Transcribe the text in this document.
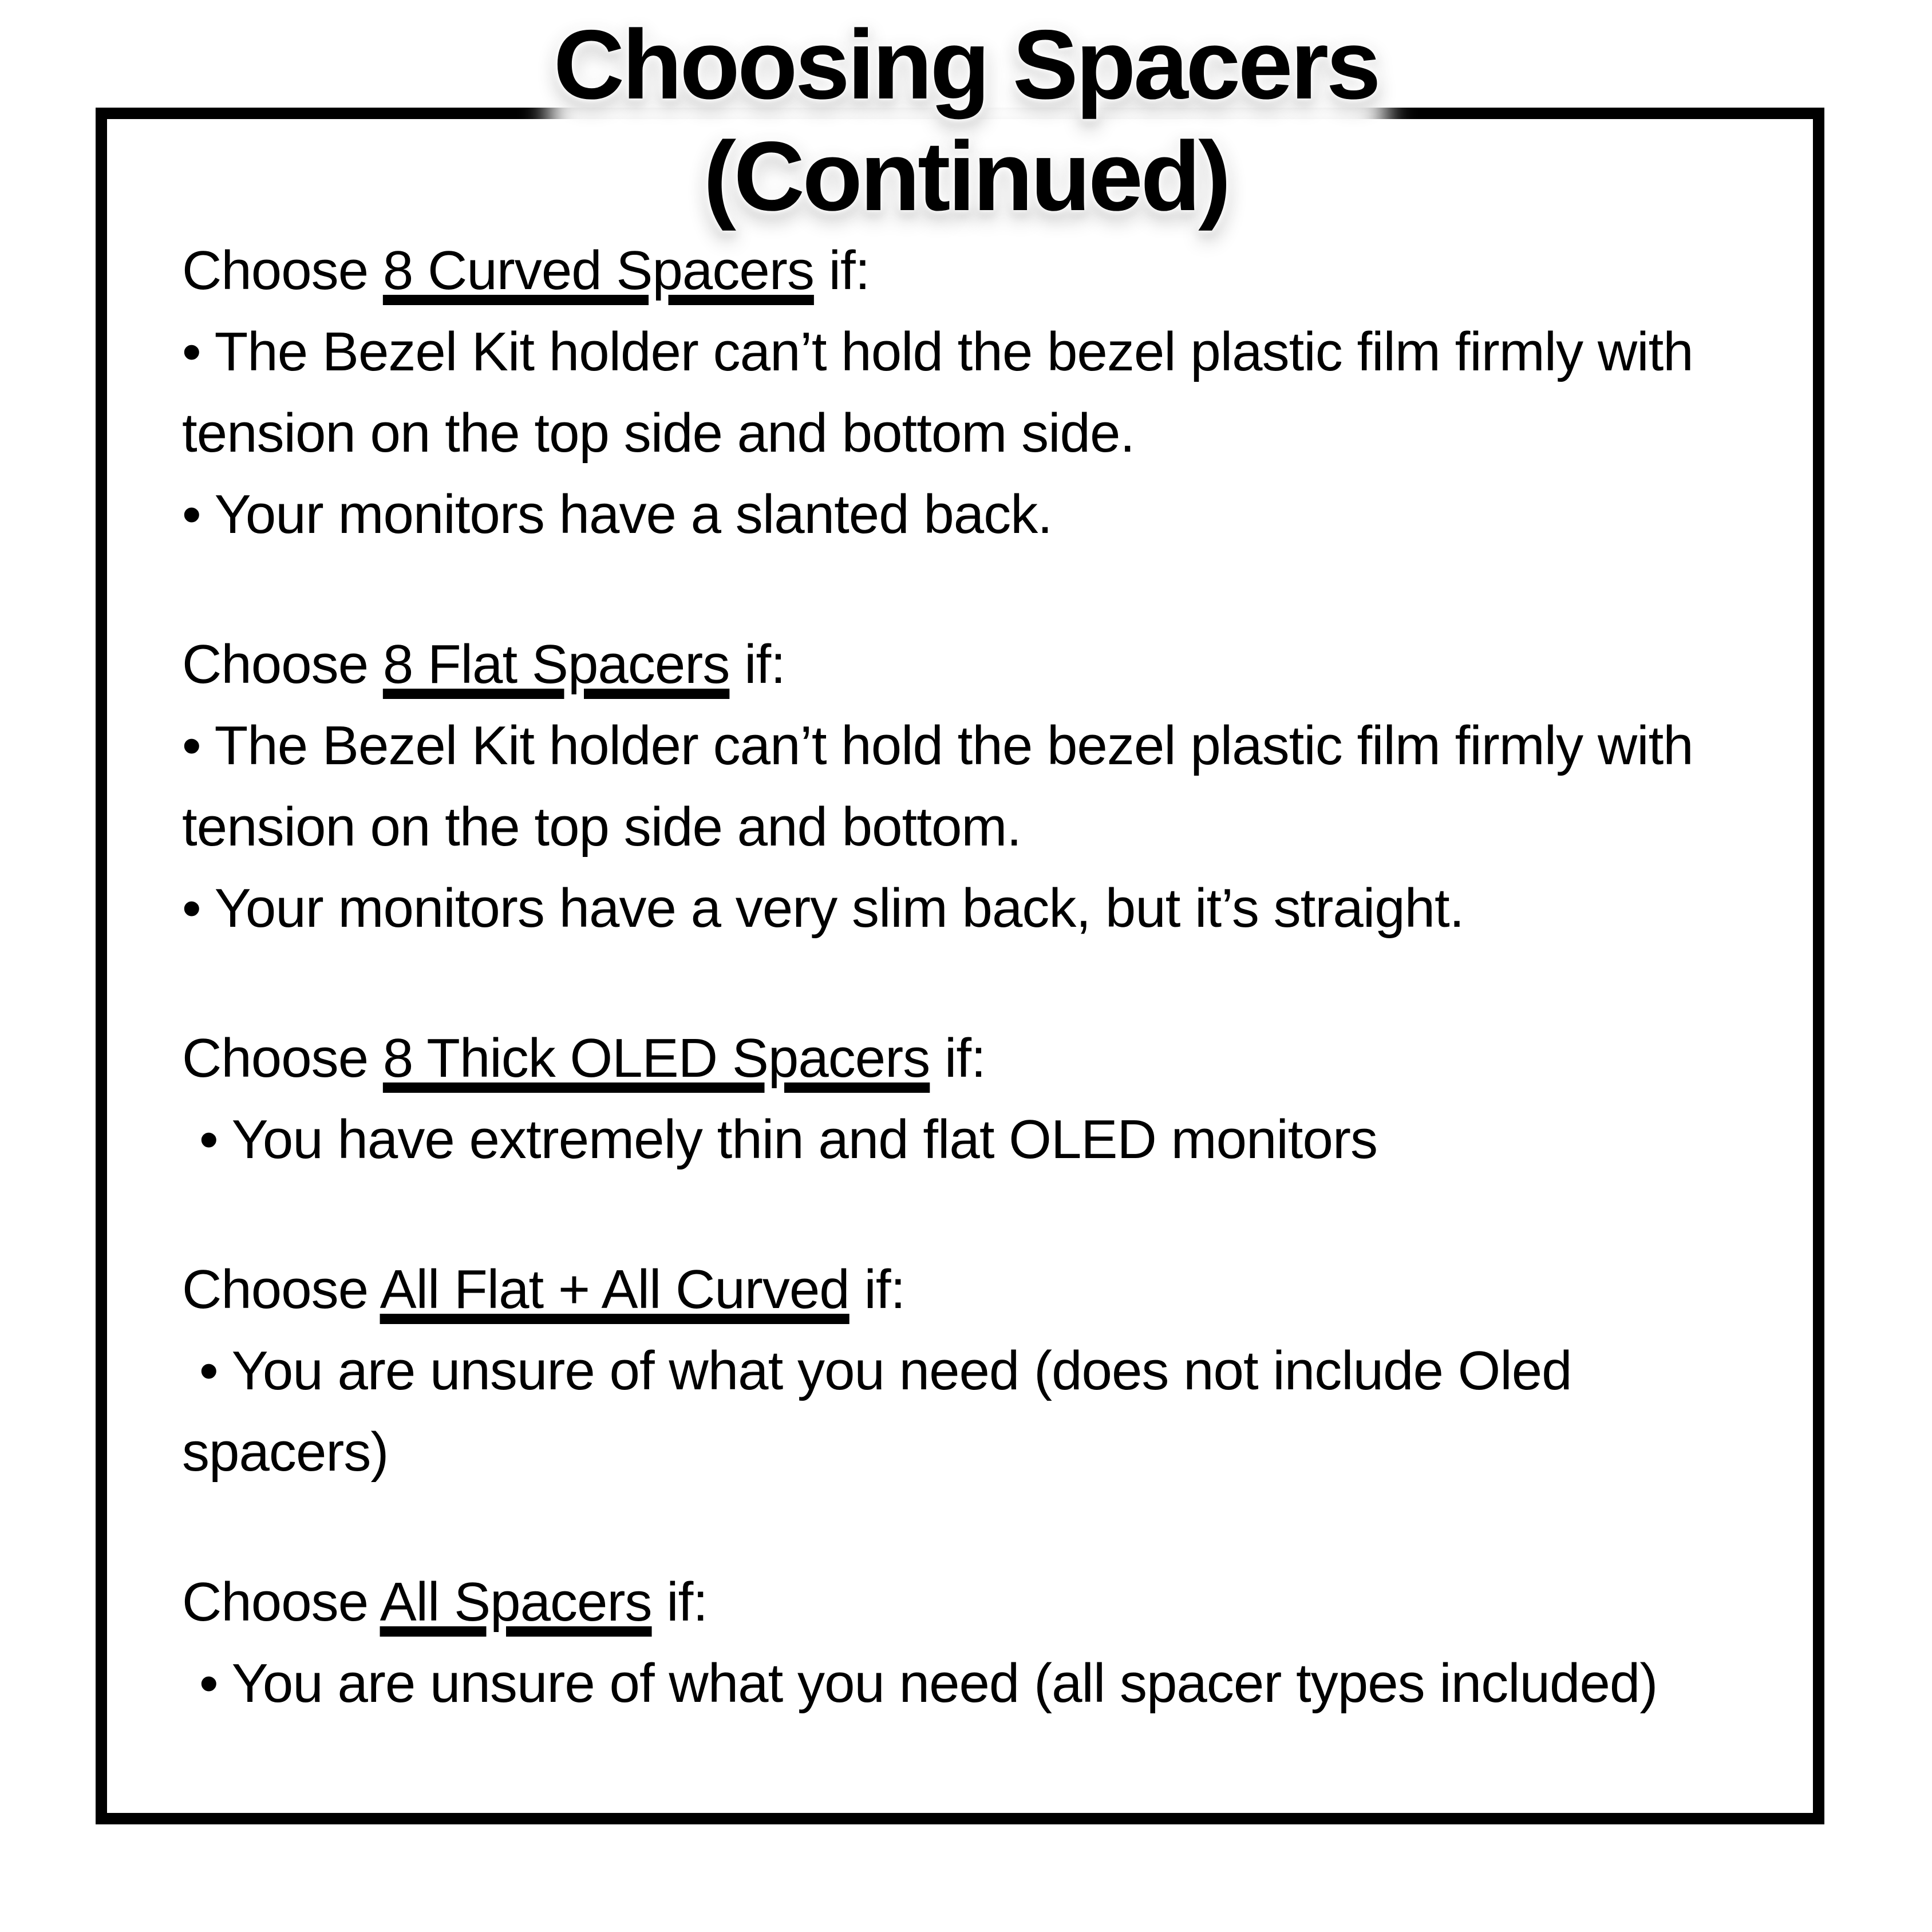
Choosing Spacers
(Continued)
Choose 8 Curved Spacers if:
• The Bezel Kit holder can’t hold the bezel plastic film firmly with
tension on the top side and bottom side.
• Your monitors have a slanted back.
Choose 8 Flat Spacers if:
• The Bezel Kit holder can’t hold the bezel plastic film firmly with
tension on the top side and bottom.
• Your monitors have a very slim back, but it’s straight.
Choose 8 Thick OLED Spacers if:
• You have extremely thin and flat OLED monitors
Choose All Flat + All Curved if:
• You are unsure of what you need (does not include Oled
spacers)
Choose All Spacers if:
• You are unsure of what you need (all spacer types included)
